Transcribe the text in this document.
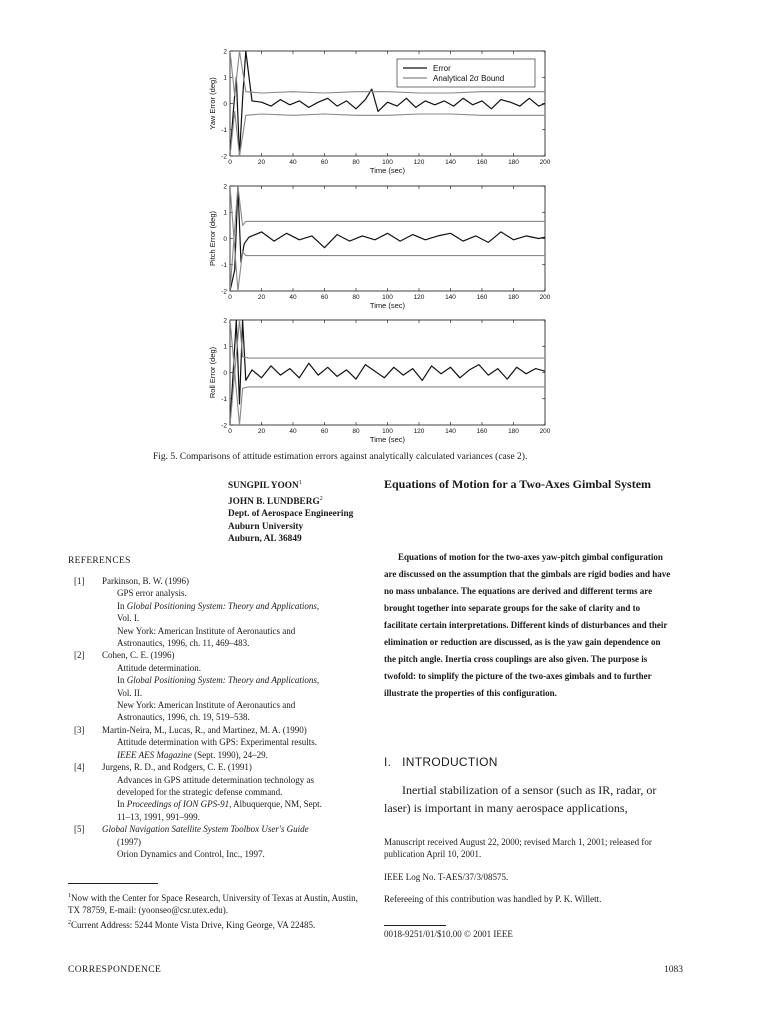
0	20	40	60	80	100	120	140	160	180	200
-2
-1
0
1
2
Time (sec)
Yaw Error (deg)
Error
Analytical 2σ Bound
0	20	40	60	80	100	120	140	160	180	200
-2
-1
0
1
2
Time (sec)
Pitch Error (deg)
0	20	40	60	80	100	120	140	160	180	200
-2
-1
0
1
2
Time (sec)
Roll Error (deg)
Fig. 5. Comparisons of attitude estimation errors against analytically calculated variances (case 2).
SUNGPIL YOON$^1$
JOHN B. LUNDBERG$^2$
Dept. of Aerospace Engineering
Auburn University
Auburn, AL 36849
Equations of Motion for a Two-Axes Gimbal System

Equations of motion for the two-axes yaw-pitch gimbal configuration are discussed on the assumption that the gimbals are rigid bodies and have no mass unbalance. The equations are derived and different terms are brought together into separate groups for the sake of clarity and to facilitate certain interpretations. Different kinds of disturbances and their elimination or reduction are discussed, as is the yaw gain dependence on the pitch angle. Inertia cross couplings are also given. The purpose is twofold: to simplify the picture of the two-axes gimbals and to further illustrate the properties of this configuration.

I.   INTRODUCTION

Inertial stabilization of a sensor (such as IR, radar, or laser) is important in many aerospace applications,

REFERENCES
[1] Parkinson, B. W. (1996)
GPS error analysis.
In Global Positioning System: Theory and Applications,
Vol. I.
New York: American Institute of Aeronautics and
Astronautics, 1996, ch. 11, 469–483.
[2] Cohen, C. E. (1996)
Attitude determination.
In Global Positioning System: Theory and Applications,
Vol. II.
New York: American Institute of Aeronautics and
Astronautics, 1996, ch. 19, 519–538.
[3] Martin-Neira, M., Lucas, R., and Martinez, M. A. (1990)
Attitude determination with GPS: Experimental results.
IEEE AES Magazine (Sept. 1990), 24–29.
[4] Jurgens, R. D., and Rodgers, C. E. (1991)
Advances in GPS attitude determination technology as
developed for the strategic defense command.
In Proceedings of ION GPS-91, Albuquerque, NM, Sept.
11–13, 1991, 991–999.
[5] Global Navigation Satellite System Toolbox User's Guide
(1997)
Orion Dynamics and Control, Inc., 1997.
$^1$Now with the Center for Space Research, University of Texas at Austin, Austin, TX 78759, E-mail: (yoonseo@csr.utex.edu).
$^2$Current Address: 5244 Monte Vista Drive, King George, VA 22485.

Manuscript received August 22, 2000; revised March 1, 2001; released for publication April 10, 2001.

IEEE Log No. T-AES/37/3/08575.

Refereeing of this contribution was handled by P. K. Willett.

0018-9251/01/$10.00 © 2001 IEEE
CORRESPONDENCE	1083
